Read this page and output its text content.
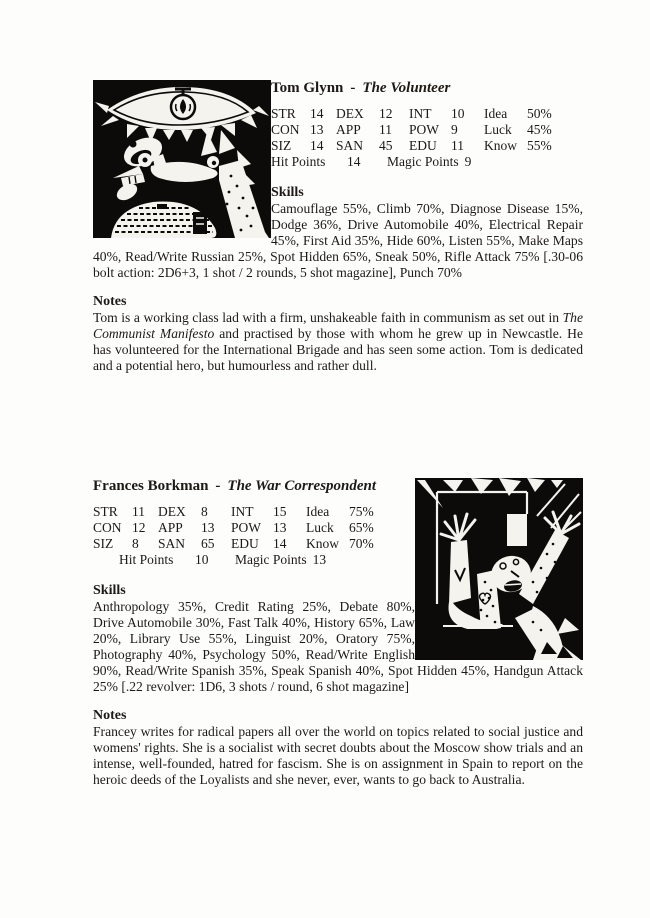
Tom Glynn - The Volunteer
STR 14 DEX 12 INT 10 Idea 50%
CON 13 APP 11 POW 9 Luck 45%
SIZ 14 SAN 45 EDU 11 Know 55%
Hit Points 14 Magic Points 9
Skills

Camouflage 55%, Climb 70%, Diagnose Disease 15%, Dodge 36%, Drive Automobile 40%, Electrical Repair 45%, First Aid 35%, Hide 60%, Listen 55%, Make Maps 40%, Read/Write Russian 25%, Spot Hidden 65%, Sneak 50%, Rifle Attack 75% [.30-06 bolt action: 2D6+3, 1 shot / 2 rounds, 5 shot magazine], Punch 70%

Notes

Tom is a working class lad with a firm, unshakeable faith in communism as set out in The Communist Manifesto and practised by those with whom he grew up in Newcastle. He has volunteered for the International Brigade and has seen some action. Tom is dedicated and a potential hero, but humourless and rather dull.

Frances Borkman - The War Correspondent
STR 11 DEX 8 INT 15 Idea 75%
CON 12 APP 13 POW 13 Luck 65%
SIZ 8 SAN 65 EDU 14 Know 70%
Hit Points 10 Magic Points 13
Skills

Anthropology 35%, Credit Rating 25%, Debate 80%, Drive Automobile 30%, Fast Talk 40%, History 65%, Law 20%, Library Use 55%, Linguist 20%, Oratory 75%, Photography 40%, Psychology 50%, Read/Write English 90%, Read/Write Spanish 35%, Speak Spanish 40%, Spot Hidden 45%, Handgun Attack 25% [.22 revolver: 1D6, 3 shots / round, 6 shot magazine]

Notes

Francey writes for radical papers all over the world on topics related to social justice and womens' rights. She is a socialist with secret doubts about the Moscow show trials and an intense, well-founded, hatred for fascism. She is on assignment in Spain to report on the heroic deeds of the Loyalists and she never, ever, wants to go back to Australia.
